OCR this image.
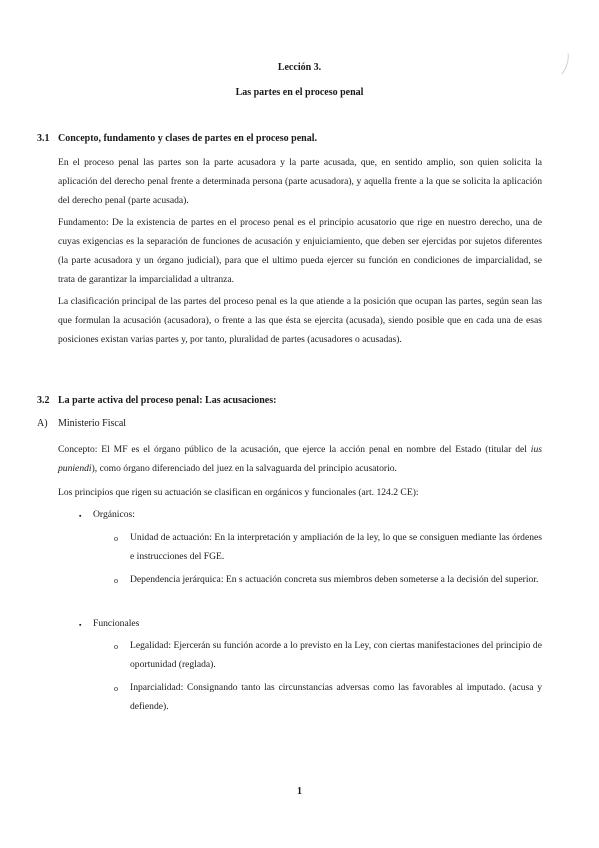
Lección 3.
Las partes en el proceso penal
3.1 Concepto, fundamento y clases de partes en el proceso penal.
En el proceso penal las partes son la parte acusadora y la parte acusada, que, en sentido amplio, son quien solicita la aplicación del derecho penal frente a determinada persona (parte acusadora), y aquella frente a la que se solicita la aplicación del derecho penal (parte acusada).
Fundamento: De la existencia de partes en el proceso penal es el principio acusatorio que rige en nuestro derecho, una de cuyas exigencias es la separación de funciones de acusación y enjuiciamiento, que deben ser ejercidas por sujetos diferentes (la parte acusadora y un órgano judicial), para que el ultimo pueda ejercer su función en condiciones de imparcialidad, se trata de garantizar la imparcialidad a ultranza.
La clasificación principal de las partes del proceso penal es la que atiende a la posición que ocupan las partes, según sean las que formulan la acusación (acusadora), o frente a las que ésta se ejercita (acusada), siendo posible que en cada una de esas posiciones existan varias partes y, por tanto, pluralidad de partes (acusadores o acusadas).
3.2 La parte activa del proceso penal: Las acusaciones:
A) Ministerio Fiscal
Concepto: El MF es el órgano público de la acusación, que ejerce la acción penal en nombre del Estado (titular del ius puniendi), como órgano diferenciado del juez en la salvaguarda del principio acusatorio.
Los principios que rigen su actuación se clasifican en orgánicos y funcionales (art. 124.2 CE):
▪ Orgánicos:
o Unidad de actuación: En la interpretación y ampliación de la ley, lo que se consiguen mediante las órdenes e instrucciones del FGE.
o Dependencia jerárquica: En s actuación concreta sus miembros deben someterse a la decisión del superior.
▪ Funcionales
o Legalidad: Ejercerán su función acorde a lo previsto en la Ley, con ciertas manifestaciones del principio de oportunidad (reglada).
o Inparcialidad: Consignando tanto las circunstancias adversas como las favorables al imputado. (acusa y defiende).
1
